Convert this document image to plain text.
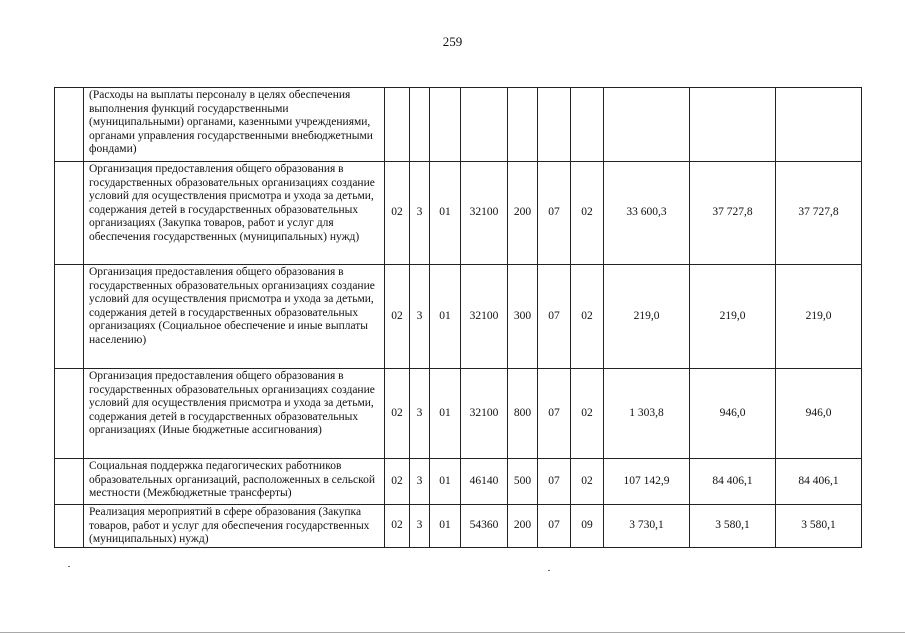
259
	(Расходы на выплаты персоналу в целях обеспечения выполнения функций государственными (муниципальными) органами, казенными учреждениями, органами управления государственными внебюджетными фондами)										
	Организация предоставления общего образования в государственных образовательных организациях создание условий для осуществления присмотра и ухода за детьми, содержания детей в государственных образовательных организациях (Закупка товаров, работ и услуг для обеспечения государственных (муниципальных) нужд)	02	3	01	32100	200	07	02	33 600,3	37 727,8	37 727,8
	Организация предоставления общего образования в государственных образовательных организациях создание условий для осуществления присмотра и ухода за детьми, содержания детей в государственных образовательных организациях (Социальное обеспечение и иные выплаты населению)	02	3	01	32100	300	07	02	219,0	219,0	219,0
	Организация предоставления общего образования в государственных образовательных организациях создание условий для осуществления присмотра и ухода за детьми, содержания детей в государственных образовательных организациях (Иные бюджетные ассигнования)	02	3	01	32100	800	07	02	1 303,8	946,0	946,0
	Социальная поддержка педагогических работников образовательных организаций, расположенных в сельской местности (Межбюджетные трансферты)	02	3	01	46140	500	07	02	107 142,9	84 406,1	84 406,1
	Реализация мероприятий в сфере образования (Закупка товаров, работ и услуг для обеспечения государственных (муниципальных) нужд)	02	3	01	54360	200	07	09	3 730,1	3 580,1	3 580,1
